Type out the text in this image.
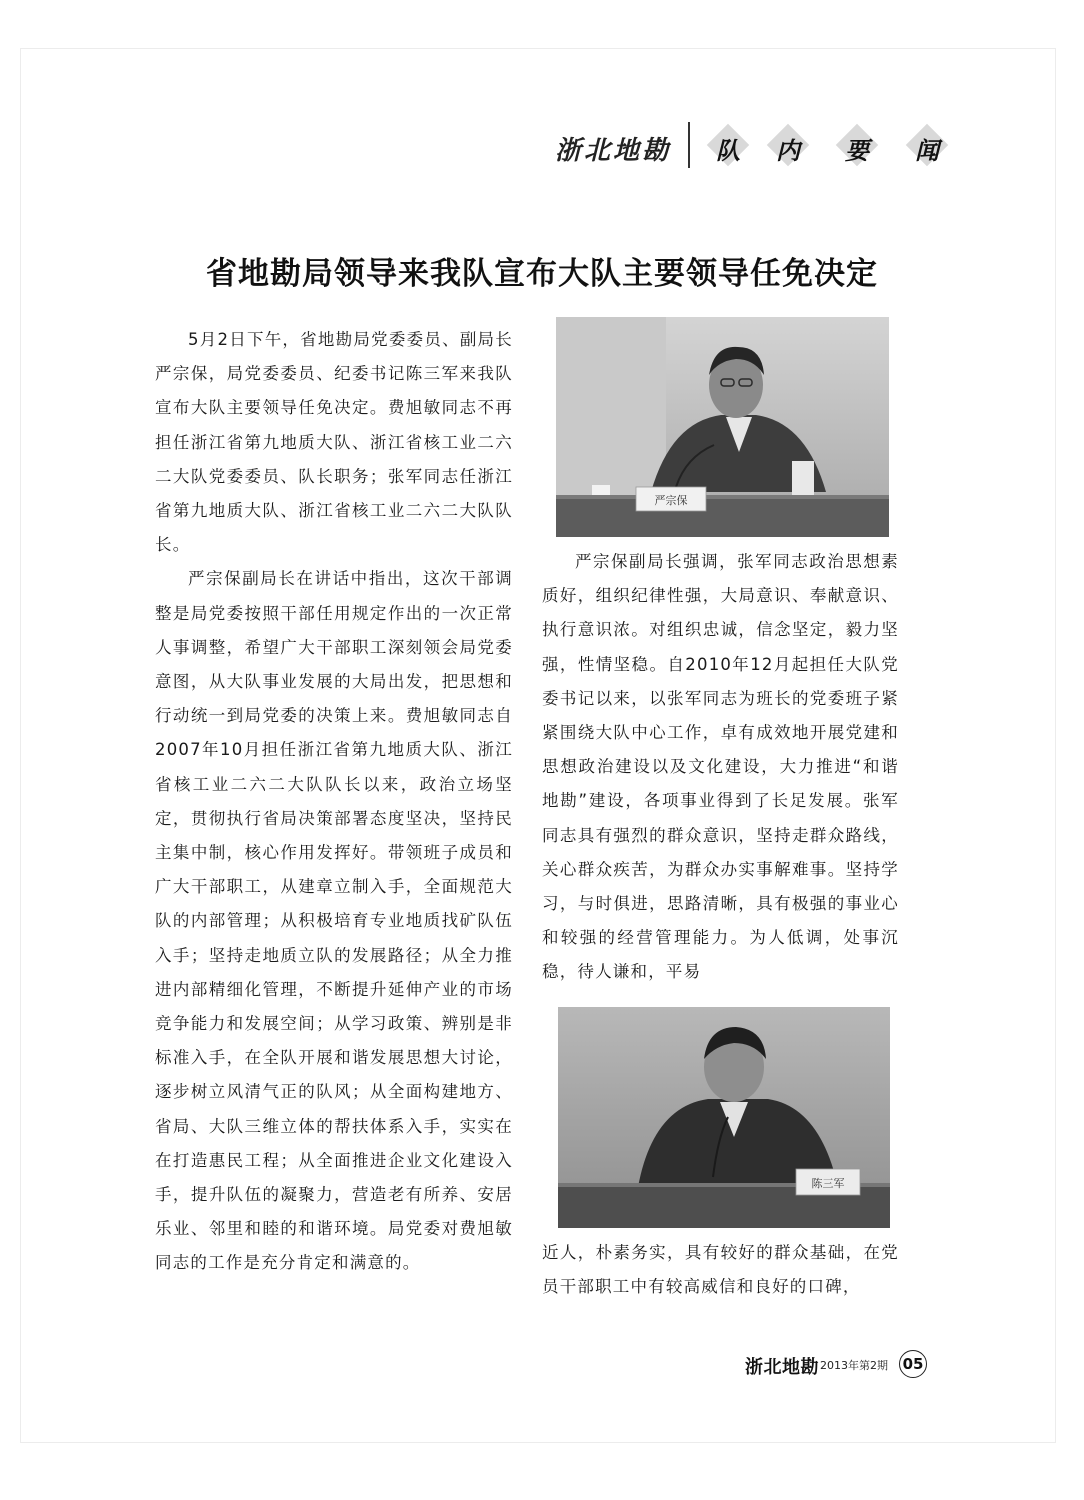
浙北地勘	队	内	要	闻
省地勘局领导来我队宣布大队主要领导任免决定

5月2日下午，省地勘局党委委员、副局长严宗保，局党委委员、纪委书记陈三军来我队宣布大队主要领导任免决定。费旭敏同志不再担任浙江省第九地质大队、浙江省核工业二六二大队党委委员、队长职务；张军同志任浙江省第九地质大队、浙江省核工业二六二大队队长。

严宗保副局长在讲话中指出，这次干部调整是局党委按照干部任用规定作出的一次正常人事调整，希望广大干部职工深刻领会局党委意图，从大队事业发展的大局出发，把思想和行动统一到局党委的决策上来。费旭敏同志自2007年10月担任浙江省第九地质大队、浙江省核工业二六二大队队长以来，政治立场坚定，贯彻执行省局决策部署态度坚决，坚持民主集中制，核心作用发挥好。带领班子成员和广大干部职工，从建章立制入手，全面规范大队的内部管理；从积极培育专业地质找矿队伍入手；坚持走地质立队的发展路径；从全力推进内部精细化管理，不断提升延伸产业的市场竞争能力和发展空间；从学习政策、辨别是非标准入手，在全队开展和谐发展思想大讨论，逐步树立风清气正的队风；从全面构建地方、省局、大队三维立体的帮扶体系入手，实实在在打造惠民工程；从全面推进企业文化建设入手，提升队伍的凝聚力，营造老有所养、安居乐业、邻里和睦的和谐环境。局党委对费旭敏同志的工作是充分肯定和满意的。

严宗保

严宗保副局长强调，张军同志政治思想素质好，组织纪律性强，大局意识、奉献意识、执行意识浓。对组织忠诚，信念坚定，毅力坚强，性情坚稳。自2010年12月起担任大队党委书记以来，以张军同志为班长的党委班子紧紧围绕大队中心工作，卓有成效地开展党建和思想政治建设以及文化建设，大力推进“和谐地勘”建设，各项事业得到了长足发展。张军同志具有强烈的群众意识，坚持走群众路线，关心群众疾苦，为群众办实事解难事。坚持学习，与时俱进，思路清晰，具有极强的事业心和较强的经营管理能力。为人低调，处事沉稳，待人谦和，平易

陈三军

近人，朴素务实，具有较好的群众基础，在党员干部职工中有较高威信和良好的口碑，

浙北地勘 2013年第2期 05
